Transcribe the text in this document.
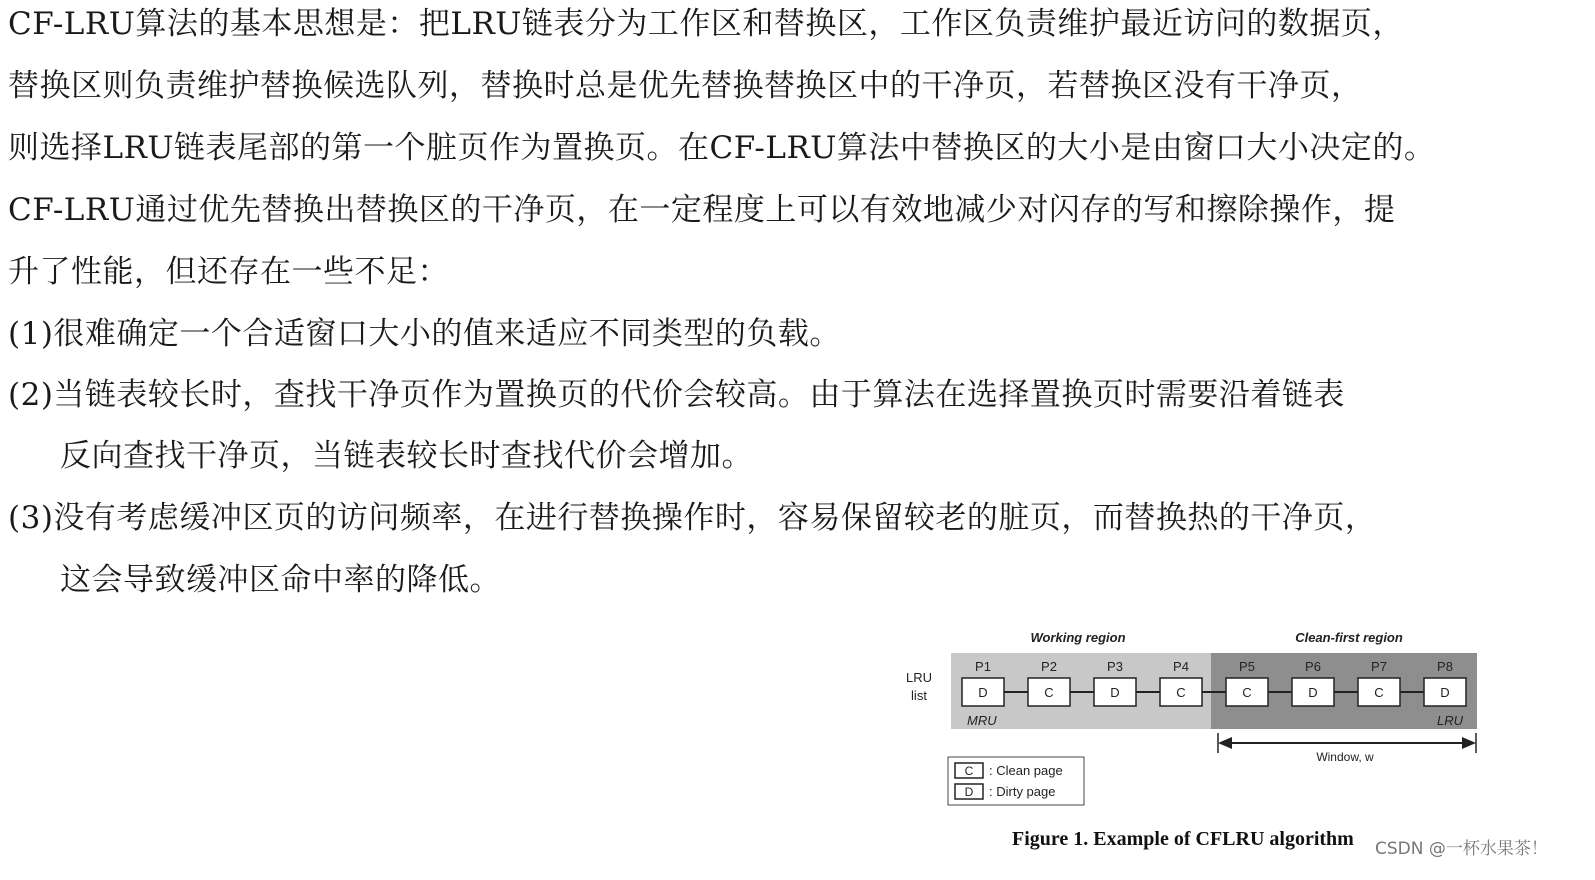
CF-LRU算法的基本思想是：把LRU链表分为工作区和替换区，工作区负责维护最近访问的数据页，
替换区则负责维护替换候选队列，替换时总是优先替换替换区中的干净页，若替换区没有干净页，
则选择LRU链表尾部的第一个脏页作为置换页。在CF-LRU算法中替换区的大小是由窗口大小决定的。
CF-LRU通过优先替换出替换区的干净页，在一定程度上可以有效地减少对闪存的写和擦除操作，提
升了性能，但还存在一些不足：
(1)很难确定一个合适窗口大小的值来适应不同类型的负载。
(2)当链表较长时，查找干净页作为置换页的代价会较高。由于算法在选择置换页时需要沿着链表
反向查找干净页，当链表较长时查找代价会增加。
(3)没有考虑缓冲区页的访问频率，在进行替换操作时，容易保留较老的脏页，而替换热的干净页，
这会导致缓冲区命中率的降低。
Working region	Clean-first region
LRU
list	D
P1
C
P2
D
P3
C
P4
C
P5
D
P6
C
P7
D
P8
MRU	LRU
Window, w
C : Clean page
D : Dirty page
Figure 1. Example of CFLRU algorithm CSDN @一杯水果茶！
